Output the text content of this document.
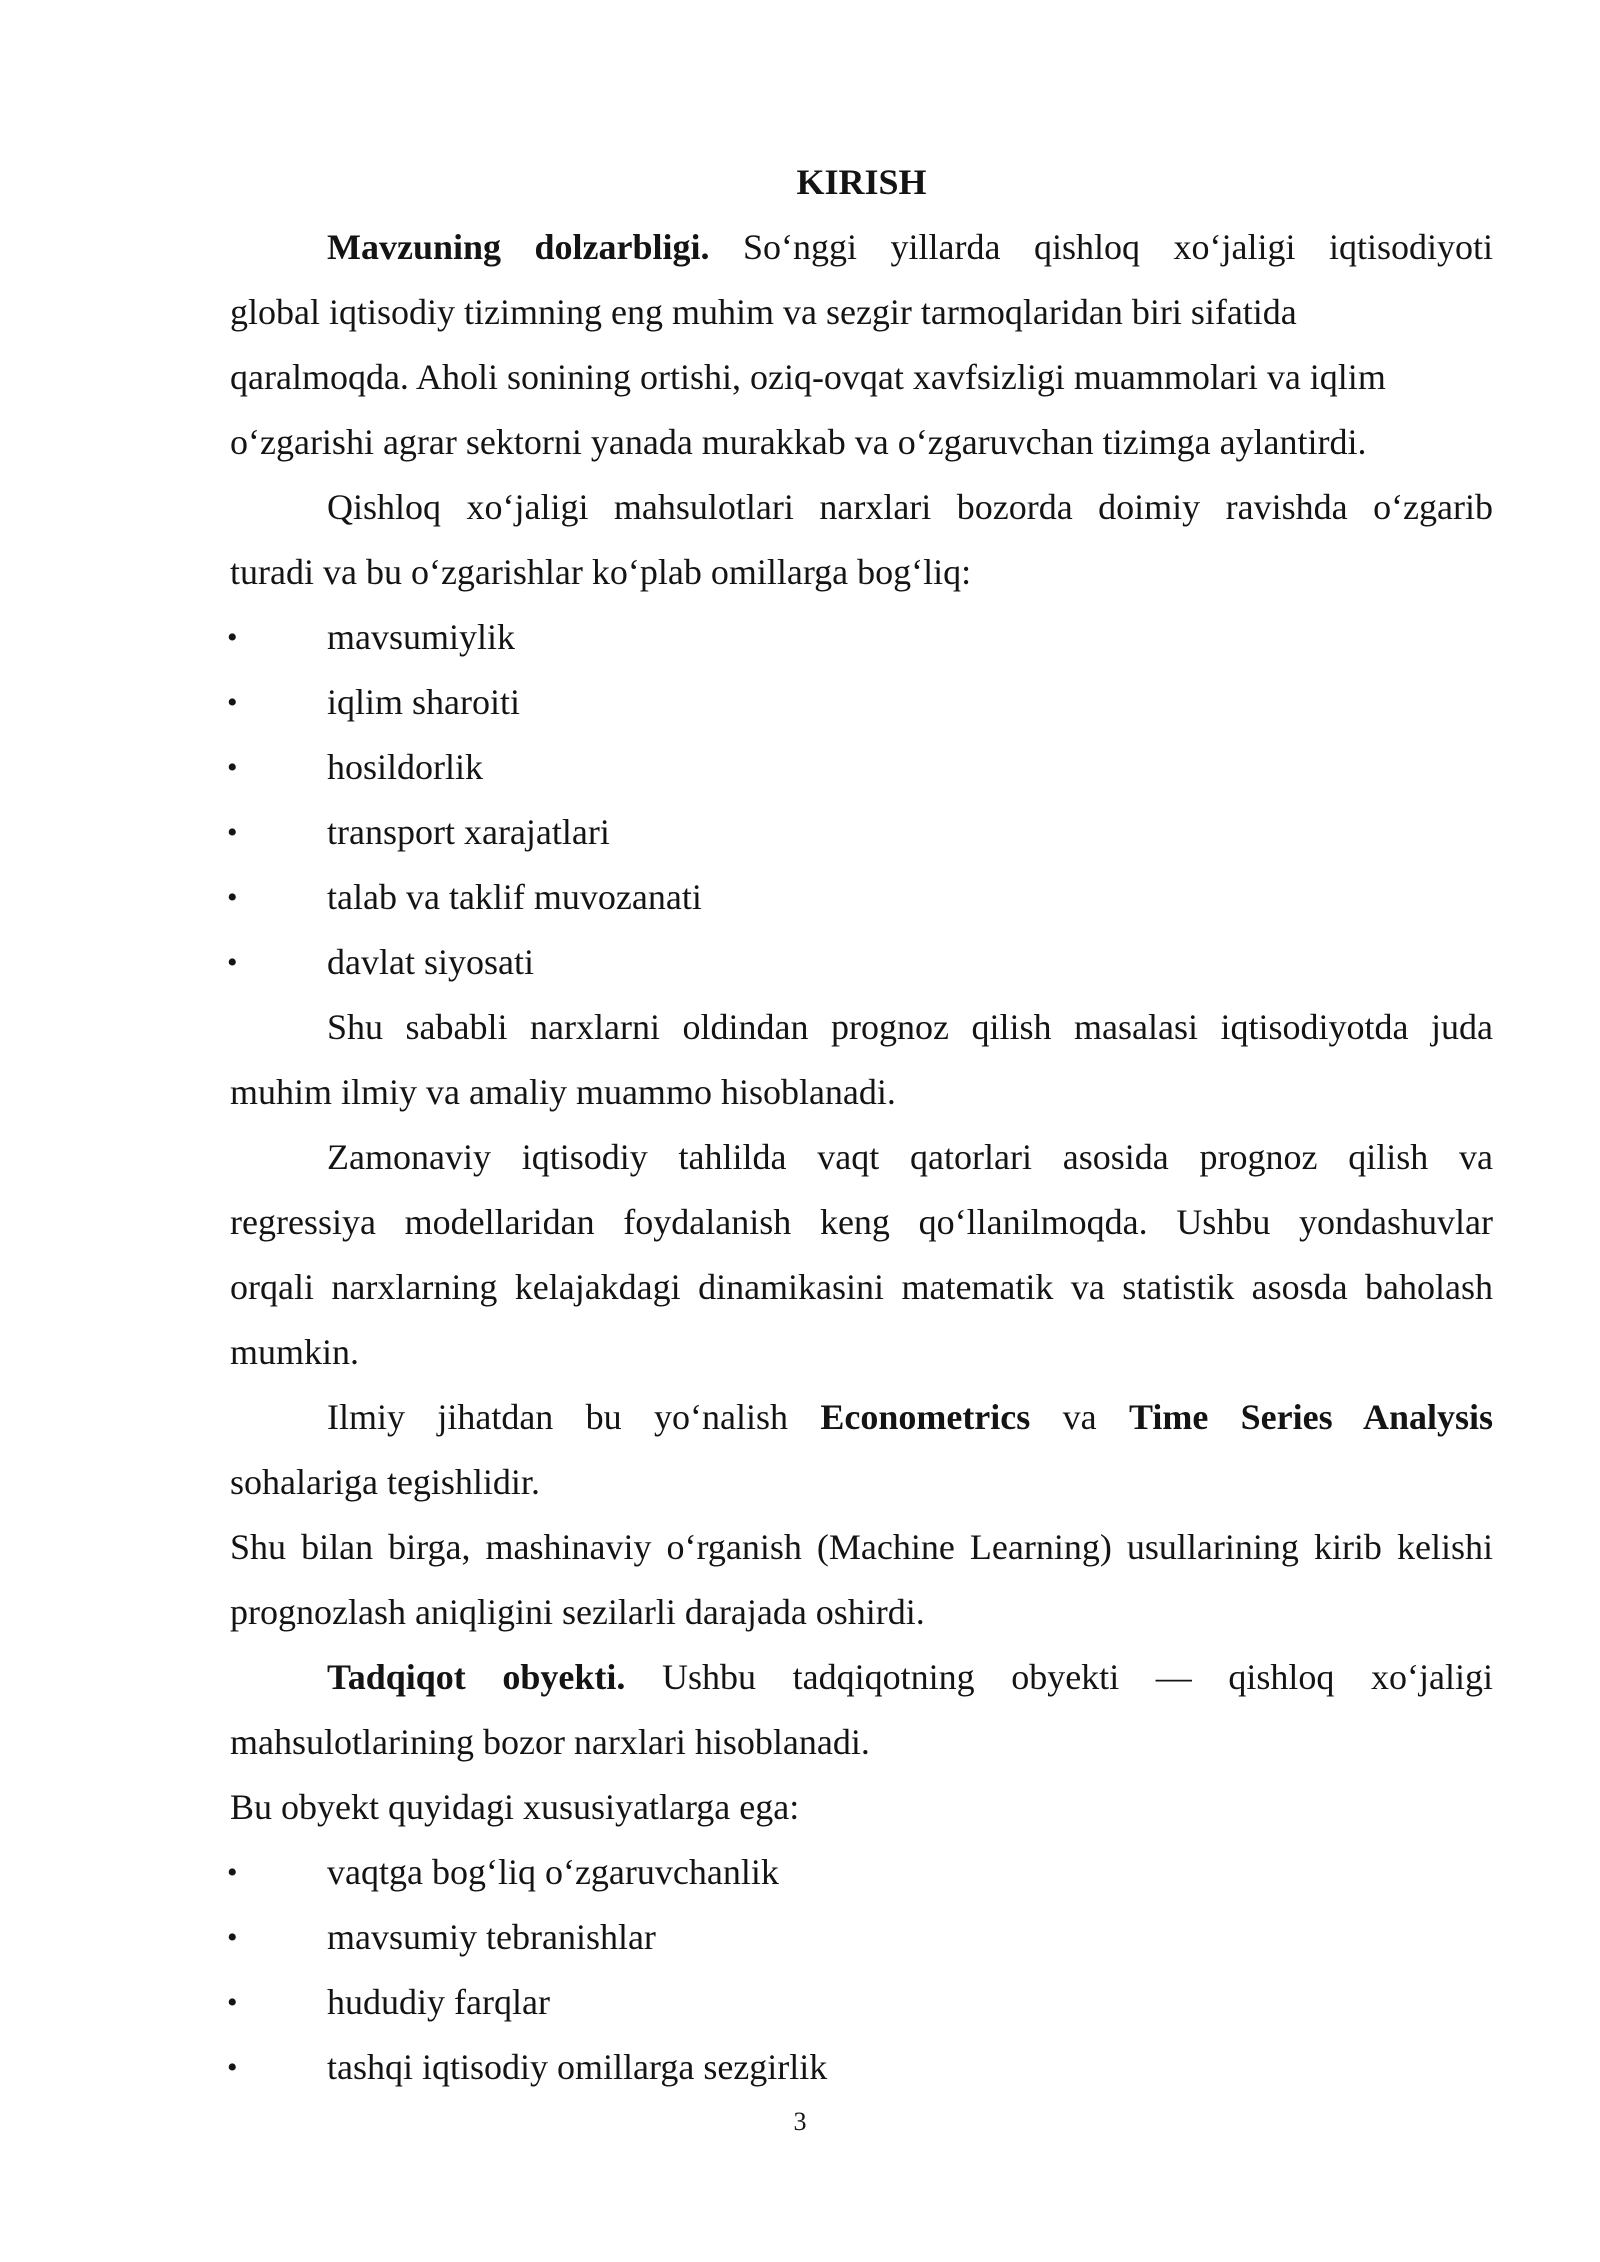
KIRISH

Mavzuning dolzarbligi. So‘nggi yillarda qishloq xo‘jaligi iqtisodiyoti

global iqtisodiy tizimning eng muhim va sezgir tarmoqlaridan biri sifatida

qaralmoqda. Aholi sonining ortishi, oziq-ovqat xavfsizligi muammolari va iqlim

o‘zgarishi agrar sektorni yanada murakkab va o‘zgaruvchan tizimga aylantirdi.

Qishloq xo‘jaligi mahsulotlari narxlari bozorda doimiy ravishda o‘zgarib

turadi va bu o‘zgarishlar ko‘plab omillarga bog‘liq:

• mavsumiylik

• iqlim sharoiti

• hosildorlik

• transport xarajatlari

• talab va taklif muvozanati

• davlat siyosati

Shu sababli narxlarni oldindan prognoz qilish masalasi iqtisodiyotda juda

muhim ilmiy va amaliy muammo hisoblanadi.

Zamonaviy iqtisodiy tahlilda vaqt qatorlari asosida prognoz qilish va

regressiya modellaridan foydalanish keng qo‘llanilmoqda. Ushbu yondashuvlar

orqali narxlarning kelajakdagi dinamikasini matematik va statistik asosda baholash

mumkin.

Ilmiy jihatdan bu yo‘nalish Econometrics va Time Series Analysis

sohalariga tegishlidir.

Shu bilan birga, mashinaviy o‘rganish (Machine Learning) usullarining kirib kelishi

prognozlash aniqligini sezilarli darajada oshirdi.

Tadqiqot obyekti. Ushbu tadqiqotning obyekti — qishloq xo‘jaligi

mahsulotlarining bozor narxlari hisoblanadi.

Bu obyekt quyidagi xususiyatlarga ega:

• vaqtga bog‘liq o‘zgaruvchanlik

• mavsumiy tebranishlar

• hududiy farqlar

• tashqi iqtisodiy omillarga sezgirlik

3
